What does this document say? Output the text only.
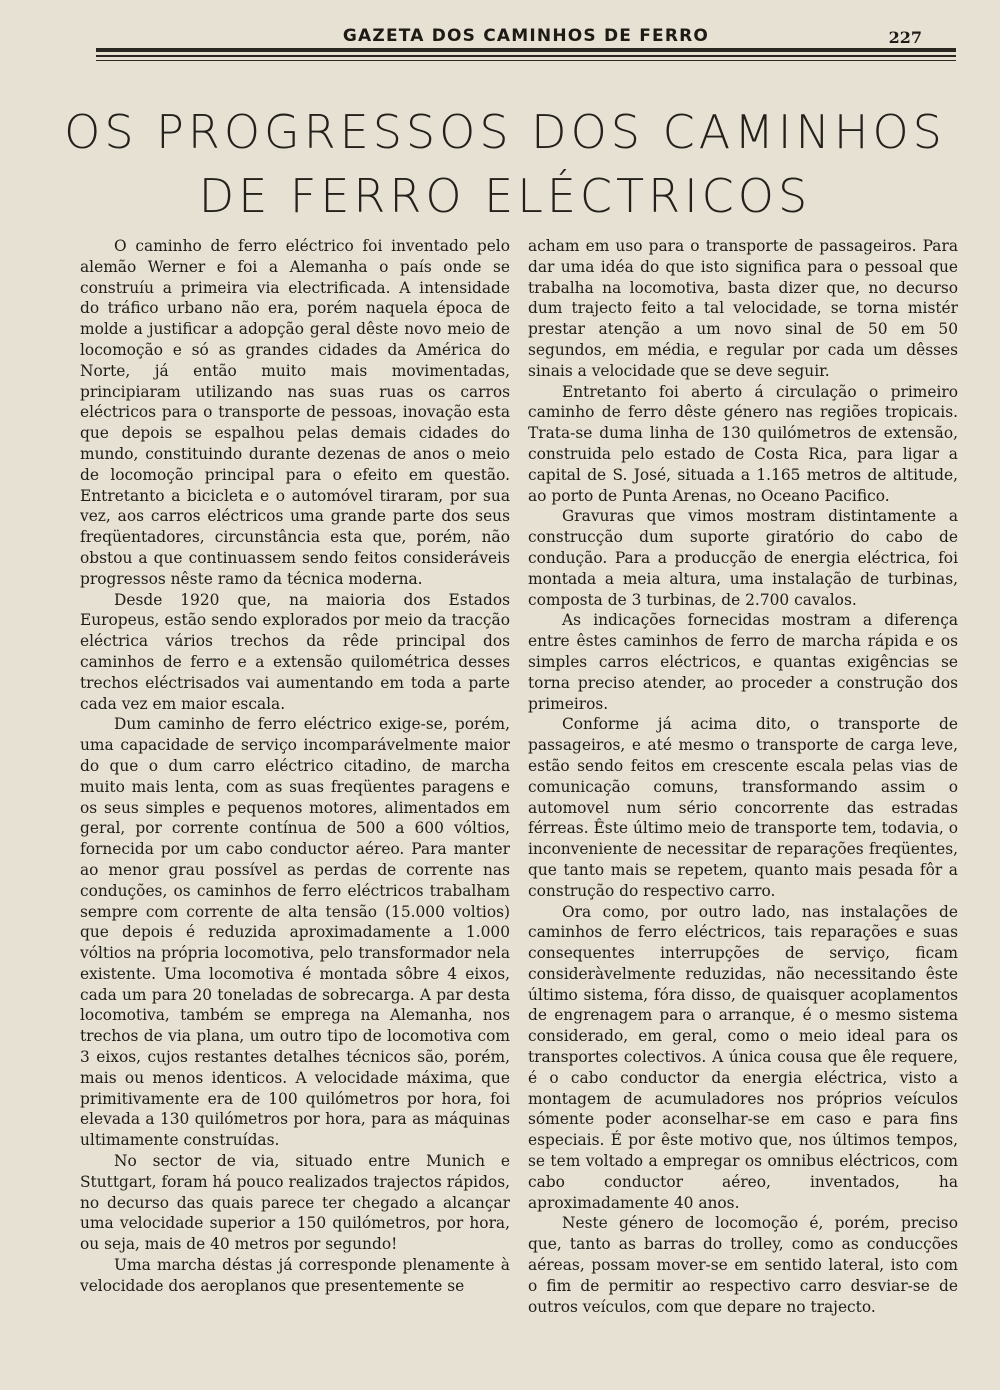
GAZETA DOS CAMINHOS DE FERRO	227
OS PROGRESSOS DOS CAMINHOS
DE FERRO ELÉCTRICOS

O caminho de ferro eléctrico foi inventado pelo alemão Werner e foi a Alemanha o país onde se construíu a primeira via electrificada. A intensidade do tráfico urbano não era, porém naquela época de molde a justificar a adopção geral dêste novo meio de locomoção e só as grandes cidades da América do Norte, já então muito mais movimentadas, principiaram utilizando nas suas ruas os carros eléctricos para o transporte de pessoas, inovação esta que depois se espalhou pelas demais cidades do mundo, constituindo durante dezenas de anos o meio de locomoção principal para o efeito em questão. Entretanto a bicicleta e o automóvel tiraram, por sua vez, aos carros eléctricos uma grande parte dos seus freqüentadores, circunstância esta que, porém, não obstou a que continuassem sendo feitos consideráveis progressos nêste ramo da técnica moderna.

Desde 1920 que, na maioria dos Estados Europeus, estão sendo explorados por meio da tracção eléctrica vários trechos da rêde principal dos caminhos de ferro e a extensão quilométrica desses trechos eléctrisados vai aumentando em toda a parte cada vez em maior escala.

Dum caminho de ferro eléctrico exige-se, porém, uma capacidade de serviço incomparávelmente maior do que o dum carro eléctrico citadino, de marcha muito mais lenta, com as suas freqüentes paragens e os seus simples e pequenos motores, alimentados em geral, por corrente contínua de 500 a 600 vóltios, fornecida por um cabo conductor aéreo. Para manter ao menor grau possível as perdas de corrente nas conduções, os caminhos de ferro eléctricos trabalham sempre com corrente de alta tensão (15.000 voltios) que depois é reduzida aproximadamente a 1.000 vóltios na própria locomotiva, pelo transformador nela existente. Uma locomotiva é montada sôbre 4 eixos, cada um para 20 toneladas de sobrecarga. A par desta locomotiva, também se emprega na Alemanha, nos trechos de via plana, um outro tipo de locomotiva com 3 eixos, cujos restantes detalhes técnicos são, porém, mais ou menos identicos. A velocidade máxima, que primitivamente era de 100 quilómetros por hora, foi elevada a 130 quilómetros por hora, para as máquinas ultimamente construídas.

No sector de via, situado entre Munich e Stuttgart, foram há pouco realizados trajectos rápidos, no decurso das quais parece ter chegado a alcançar uma velocidade superior a 150 quilómetros, por hora, ou seja, mais de 40 metros por segundo!

Uma marcha déstas já corresponde plenamente à velocidade dos aeroplanos que presentemente se

acham em uso para o transporte de passageiros. Para dar uma idéa do que isto significa para o pessoal que trabalha na locomotiva, basta dizer que, no decurso dum trajecto feito a tal velocidade, se torna mistér prestar atenção a um novo sinal de 50 em 50 segundos, em média, e regular por cada um dêsses sinais a velocidade que se deve seguir.

Entretanto foi aberto á circulação o primeiro caminho de ferro dêste género nas regiões tropicais. Trata-se duma linha de 130 quilómetros de extensão, construida pelo estado de Costa Rica, para ligar a capital de S. José, situada a 1.165 metros de altitude, ao porto de Punta Arenas, no Oceano Pacifico.

Gravuras que vimos mostram distintamente a construcção dum suporte giratório do cabo de condução. Para a producção de energia eléctrica, foi montada a meia altura, uma instalação de turbinas, composta de 3 turbinas, de 2.700 cavalos.

As indicações fornecidas mostram a diferença entre êstes caminhos de ferro de marcha rápida e os simples carros eléctricos, e quantas exigências se torna preciso atender, ao proceder a construção dos primeiros.

Conforme já acima dito, o transporte de passageiros, e até mesmo o transporte de carga leve, estão sendo feitos em crescente escala pelas vias de comunicação comuns, transformando assim o automovel num sério concorrente das estradas férreas. Êste último meio de transporte tem, todavia, o inconveniente de necessitar de reparações freqüentes, que tanto mais se repetem, quanto mais pesada fôr a construção do respectivo carro.

Ora como, por outro lado, nas instalações de caminhos de ferro eléctricos, tais reparações e suas consequentes interrupções de serviço, ficam consideràvelmente reduzidas, não necessitando êste último sistema, fóra disso, de quaisquer acoplamentos de engrenagem para o arranque, é o mesmo sistema considerado, em geral, como o meio ideal para os transportes colectivos. A única cousa que êle requere, é o cabo conductor da energia eléctrica, visto a montagem de acumuladores nos próprios veículos sómente poder aconselhar-se em caso e para fins especiais. É por êste motivo que, nos últimos tempos, se tem voltado a empregar os omnibus eléctricos, com cabo conductor aéreo, inventados, ha aproximadamente 40 anos.

Neste género de locomoção é, porém, preciso que, tanto as barras do trolley, como as conducções aéreas, possam mover-se em sentido lateral, isto com o fim de permitir ao respectivo carro desviar-se de outros veículos, com que depare no trajecto.
